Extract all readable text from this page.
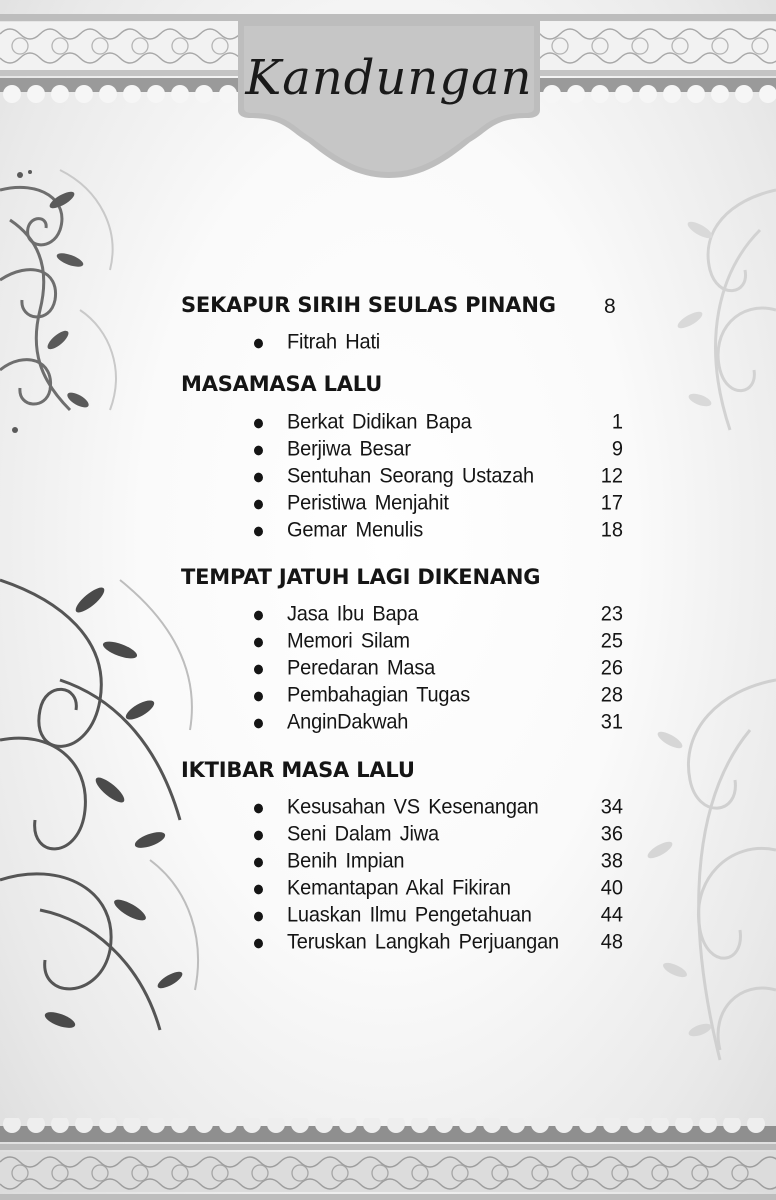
Kandungan
SEKAPUR SIRIH SEULAS PINANG 8
Fitrah Hati
MASAMASA LALU
Berkat Didikan Bapa	1
Berjiwa Besar	9
Sentuhan Seorang Ustazah	12
Peristiwa Menjahit	17
Gemar Menulis	18
TEMPAT JATUH LAGI DIKENANG
Jasa Ibu Bapa	23
Memori Silam	25
Peredaran Masa	26
Pembahagian Tugas	28
AnginDakwah	31
IKTIBAR MASA LALU
Kesusahan VS Kesenangan	34
Seni Dalam Jiwa	36
Benih Impian	38
Kemantapan Akal Fikiran	40
Luaskan Ilmu Pengetahuan	44
Teruskan Langkah Perjuangan 48
